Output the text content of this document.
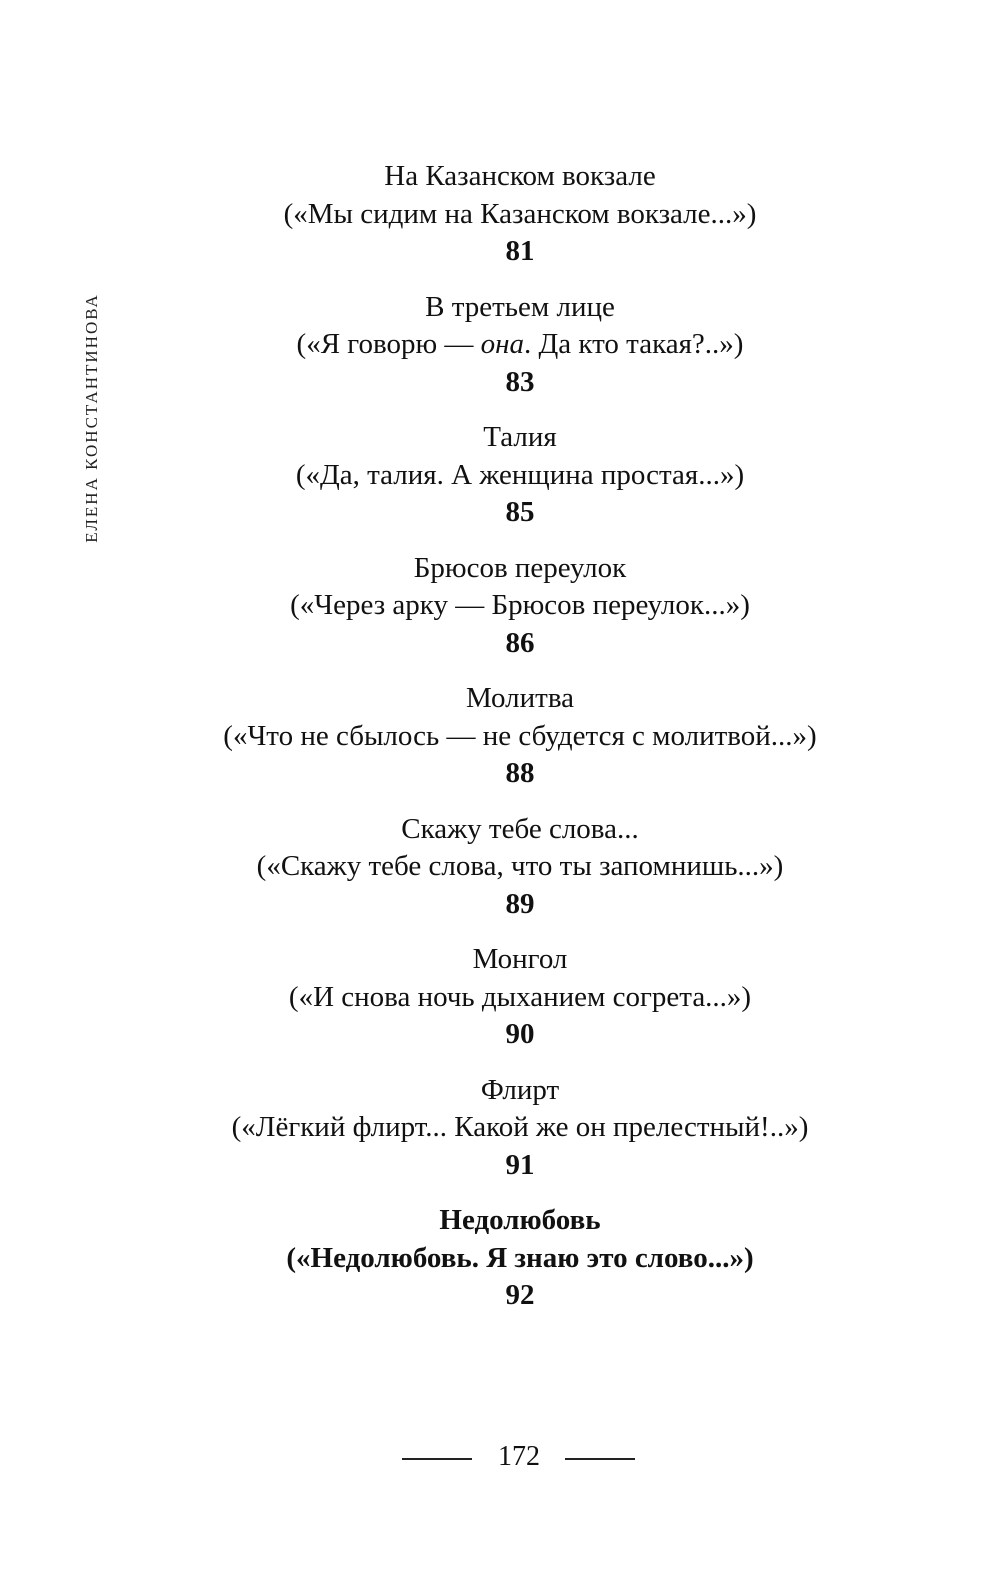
ЕЛЕНА КОНСТАНТИНОВА
На Казанском вокзале
(«Мы сидим на Казанском вокзале...»)
81
В третьем лице
(«Я говорю — она. Да кто такая?..»)
83
Талия
(«Да, талия. А женщина простая...»)
85
Брюсов переулок
(«Через арку — Брюсов переулок...»)
86
Молитва
(«Что не сбылось — не сбудется с молитвой...»)
88
Скажу тебе слова...
(«Скажу тебе слова, что ты запомнишь...»)
89
Монгол
(«И снова ночь дыханием согрета...»)
90
Флирт
(«Лёгкий флирт... Какой же он прелестный!..»)
91
Недолюбовь
(«Недолюбовь. Я знаю это слово...»)
92
172
